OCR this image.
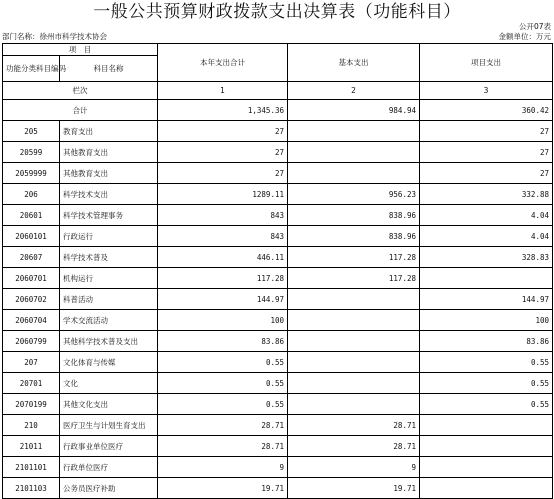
一般公共预算财政拨款支出决算表（功能科目）
公开07表
部门名称：徐州市科学技术协会	金额单位：万元
项　目		本年支出合计	基本支出	项目支出
功能分类科目编码	科目名称			
栏次		1	2	3
合计		1,345.36	984.94	360.42
205	教育支出	27		27
20599	其他教育支出	27		27
2059999	其他教育支出	27		27
206	科学技术支出	1289.11	956.23	332.88
20601	科学技术管理事务	843	838.96	4.04
2060101	行政运行	843	838.96	4.04
20607	科学技术普及	446.11	117.28	328.83
2060701	机构运行	117.28	117.28	
2060702	科普活动	144.97		144.97
2060704	学术交流活动	100		100
2060799	其他科学技术普及支出	83.86		83.86
207	文化体育与传媒	0.55		0.55
20701	文化	0.55		0.55
2070199	其他文化支出	0.55		0.55
210	医疗卫生与计划生育支出	28.71	28.71	
21011	行政事业单位医疗	28.71	28.71	
2101101	行政单位医疗	9	9	
2101103	公务员医疗补助	19.71	19.71	
